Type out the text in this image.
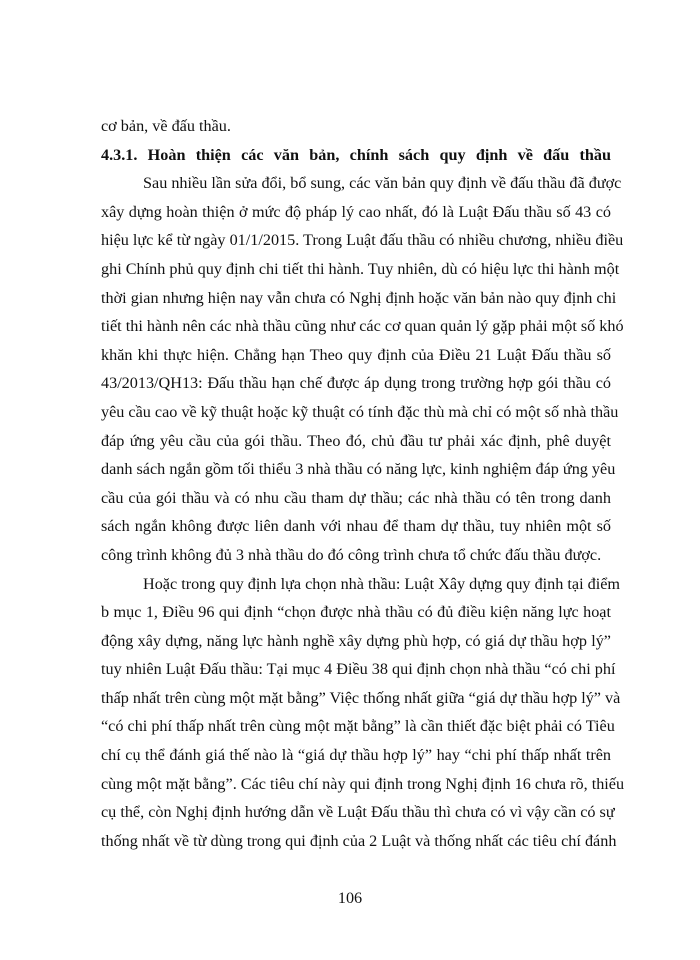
cơ bản, về đấu thầu.
4.3.1. Hoàn thiện các văn bản, chính sách quy định về đấu thầu
Sau nhiều lần sửa đổi, bổ sung, các văn bản quy định về đấu thầu đã được
xây dựng hoàn thiện ở mức độ pháp lý cao nhất, đó là Luật Đấu thầu số 43 có
hiệu lực kể từ ngày 01/1/2015. Trong Luật đấu thầu có nhiều chương, nhiều điều
ghi Chính phủ quy định chi tiết thi hành. Tuy nhiên, dù có hiệu lực thi hành một
thời gian nhưng hiện nay vẫn chưa có Nghị định hoặc văn bản nào quy định chi
tiết thi hành nên các nhà thầu cũng như các cơ quan quản lý gặp phải một số khó
khăn khi thực hiện. Chẳng hạn Theo quy định của Điều 21 Luật Đấu thầu số
43/2013/QH13: Đấu thầu hạn chế được áp dụng trong trường hợp gói thầu có
yêu cầu cao về kỹ thuật hoặc kỹ thuật có tính đặc thù mà chỉ có một số nhà thầu
đáp ứng yêu cầu của gói thầu. Theo đó, chủ đầu tư phải xác định, phê duyệt
danh sách ngắn gồm tối thiểu 3 nhà thầu có năng lực, kinh nghiệm đáp ứng yêu
cầu của gói thầu và có nhu cầu tham dự thầu; các nhà thầu có tên trong danh
sách ngắn không được liên danh với nhau để tham dự thầu, tuy nhiên một số
công trình không đủ 3 nhà thầu do đó công trình chưa tổ chức đấu thầu được.
Hoặc trong quy định lựa chọn nhà thầu: Luật Xây dựng quy định tại điểm
b mục 1, Điều 96 qui định “chọn được nhà thầu có đủ điều kiện năng lực hoạt
động xây dựng, năng lực hành nghề xây dựng phù hợp, có giá dự thầu hợp lý”
tuy nhiên Luật Đấu thầu: Tại mục 4 Điều 38 qui định chọn nhà thầu “có chi phí
thấp nhất trên cùng một mặt bằng” Việc thống nhất giữa “giá dự thầu hợp lý” và
“có chi phí thấp nhất trên cùng một mặt bằng” là cần thiết đặc biệt phải có Tiêu
chí cụ thể đánh giá thế nào là “giá dự thầu hợp lý” hay “chi phí thấp nhất trên
cùng một mặt bằng”. Các tiêu chí này qui định trong Nghị định 16 chưa rõ, thiếu
cụ thể, còn Nghị định hướng dẫn về Luật Đấu thầu thì chưa có vì vậy cần có sự
thống nhất về từ dùng trong qui định của 2 Luật và thống nhất các tiêu chí đánh
106
